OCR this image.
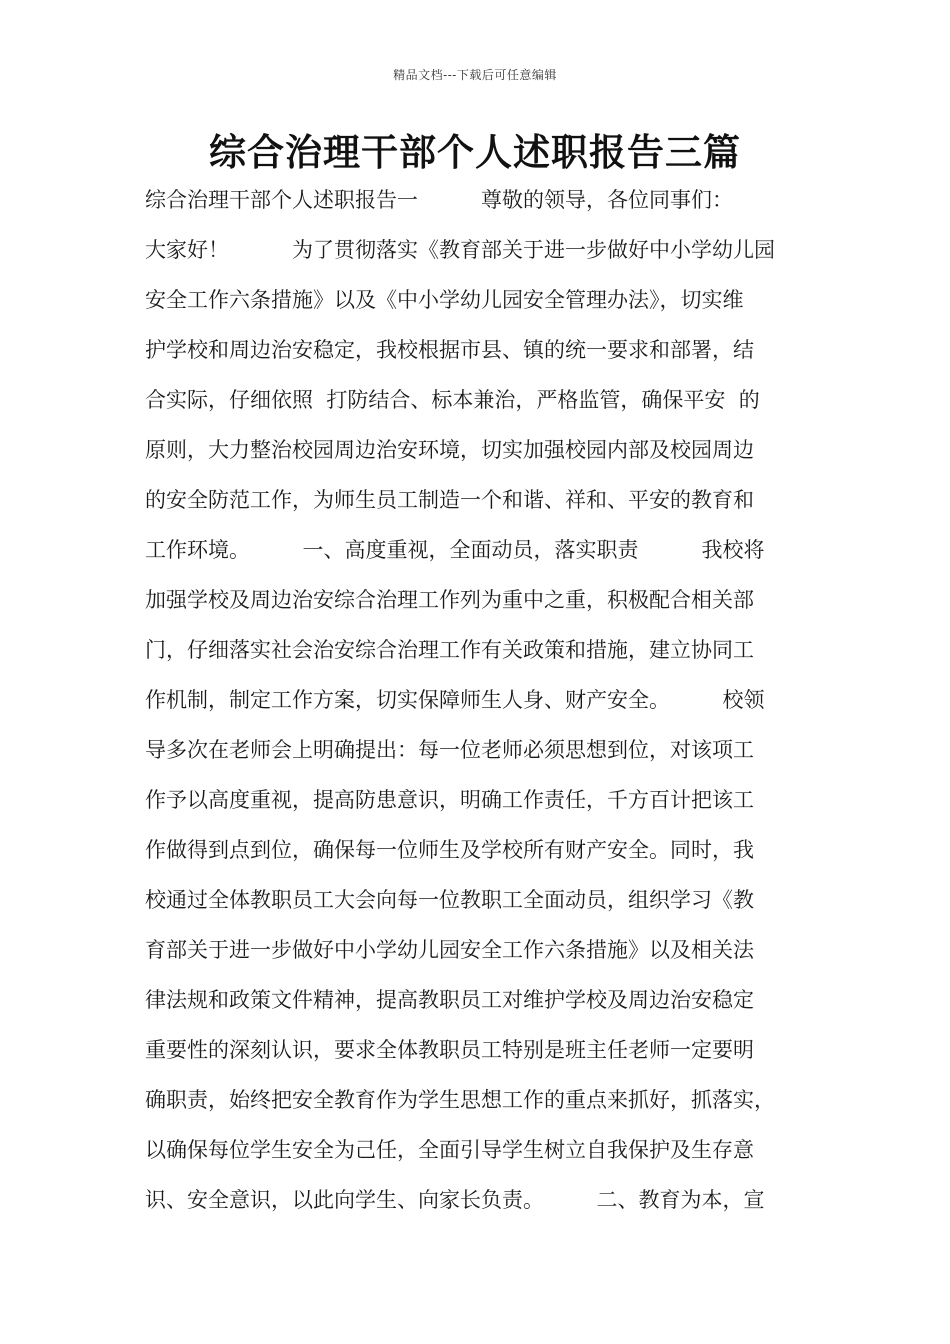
精品文档---下载后可任意编辑
综合治理干部个人述职报告三篇
综合治理干部个人述职报告一　　　尊敬的领导，各位同事们：
大家好！　　　为了贯彻落实《教育部关于进一步做好中小学幼儿园
安全工作六条措施》以及《中小学幼儿园安全管理办法》，切实维
护学校和周边治安稳定，我校根据市县、镇的统一要求和部署，结
合实际，仔细依照  打防结合、标本兼治，严格监管，确保平安  的
原则，大力整治校园周边治安环境，切实加强校园内部及校园周边
的安全防范工作，为师生员工制造一个和谐、祥和、平安的教育和
工作环境。　　　一、高度重视，全面动员，落实职责　　　我校将
加强学校及周边治安综合治理工作列为重中之重，积极配合相关部
门，仔细落实社会治安综合治理工作有关政策和措施，建立协同工
作机制，制定工作方案，切实保障师生人身、财产安全。　　　校领
导多次在老师会上明确提出：每一位老师必须思想到位，对该项工
作予以高度重视，提高防患意识，明确工作责任，千方百计把该工
作做得到点到位，确保每一位师生及学校所有财产安全。同时，我
校通过全体教职员工大会向每一位教职工全面动员，组织学习《教
育部关于进一步做好中小学幼儿园安全工作六条措施》以及相关法
律法规和政策文件精神，提高教职员工对维护学校及周边治安稳定
重要性的深刻认识，要求全体教职员工特别是班主任老师一定要明
确职责，始终把安全教育作为学生思想工作的重点来抓好，抓落实，
以确保每位学生安全为己任，全面引导学生树立自我保护及生存意
识、安全意识，以此向学生、向家长负责。　　　二、教育为本，宣
